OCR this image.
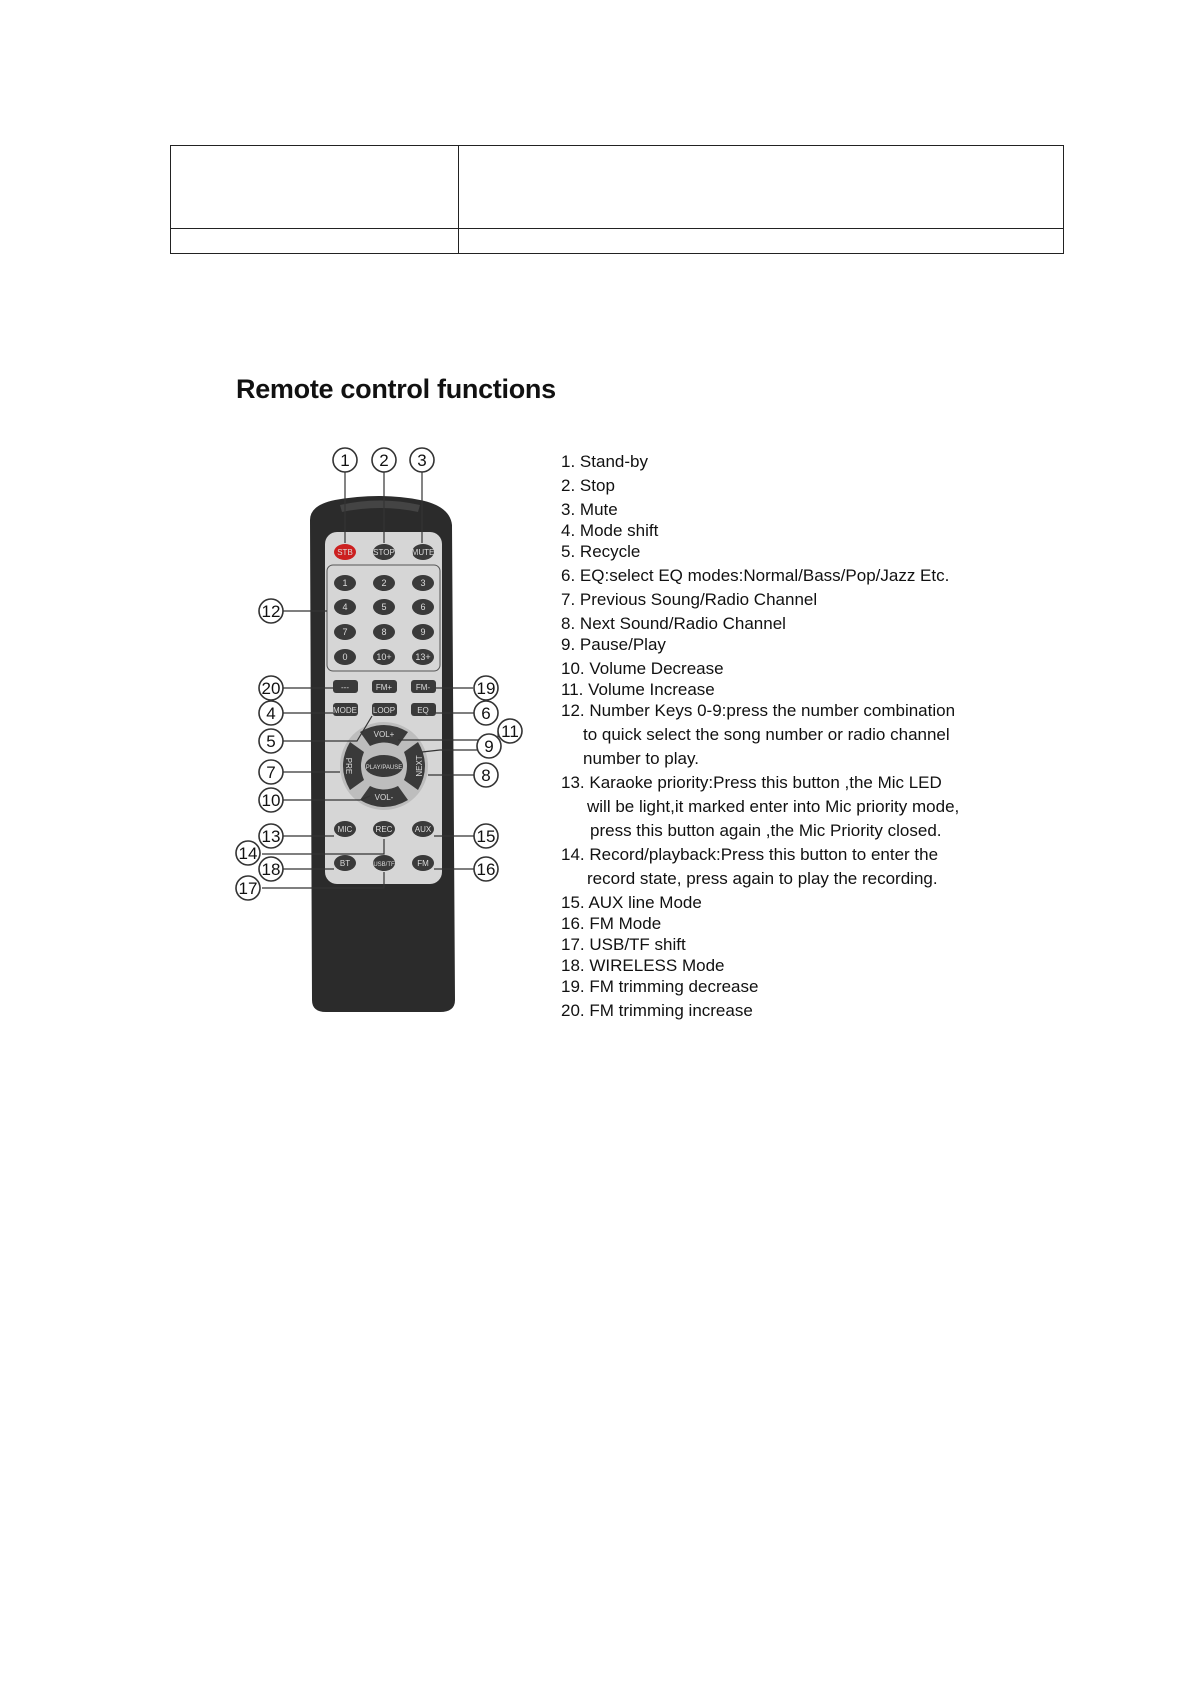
Remote control functions
STB	STOP MUTE
1	2	3
4	5	6
7	8	9
0	10+	13+
---	FM+	FM-
MODE LOOP	EQ
VOL+
VOL-
PRE	NEXT
PLAY/PAUSE
MIC	REC	AUX
BT	USB/TF	FM
1 2 3
12
20	19
4	6
11
5	9
7	8
10
13	15
14
18	16
17
1. Stand-by
2. Stop
3. Mute
4. Mode shift
5. Recycle
6. EQ:select EQ modes:Normal/Bass/Pop/Jazz Etc.
7. Previous Soung/Radio Channel
8. Next Sound/Radio Channel
9. Pause/Play
10. Volume Decrease
11. Volume Increase
12. Number Keys 0-9:press the number combination
to quick select the song number or radio channel
number to play.
13. Karaoke priority:Press this button ,the Mic LED
will be light,it marked enter into Mic priority mode,
press this button again ,the Mic Priority closed.
14. Record/playback:Press this button to enter the
record state, press again to play the recording.
15. AUX line Mode
16. FM Mode
17. USB/TF shift
18. WIRELESS Mode
19. FM trimming decrease
20. FM trimming increase
